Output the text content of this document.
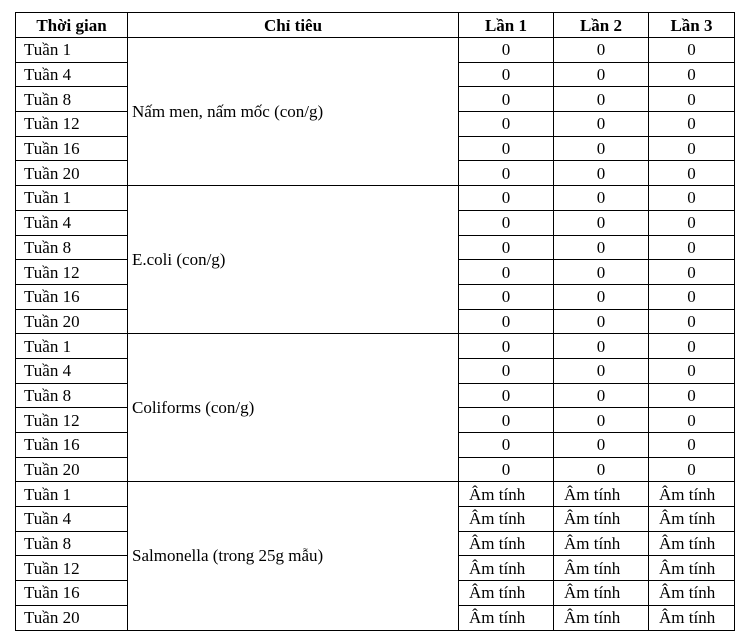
Thời gian	Chỉ tiêu	Lần 1	Lần 2	Lần 3
Tuần 1	Nấm men, nấm mốc (con/g)	0	0	0
Tuần 4		0	0	0
Tuần 8		0	0	0
Tuần 12		0	0	0
Tuần 16		0	0	0
Tuần 20		0	0	0
Tuần 1	E.coli (con/g)	0	0	0
Tuần 4		0	0	0
Tuần 8		0	0	0
Tuần 12		0	0	0
Tuần 16		0	0	0
Tuần 20		0	0	0
Tuần 1	Coliforms (con/g)	0	0	0
Tuần 4		0	0	0
Tuần 8		0	0	0
Tuần 12		0	0	0
Tuần 16		0	0	0
Tuần 20		0	0	0
Tuần 1	Salmonella (trong 25g mẫu)	Âm tính	Âm tính	Âm tính
Tuần 4		Âm tính	Âm tính	Âm tính
Tuần 8		Âm tính	Âm tính	Âm tính
Tuần 12		Âm tính	Âm tính	Âm tính
Tuần 16		Âm tính	Âm tính	Âm tính
Tuần 20		Âm tính	Âm tính	Âm tính
